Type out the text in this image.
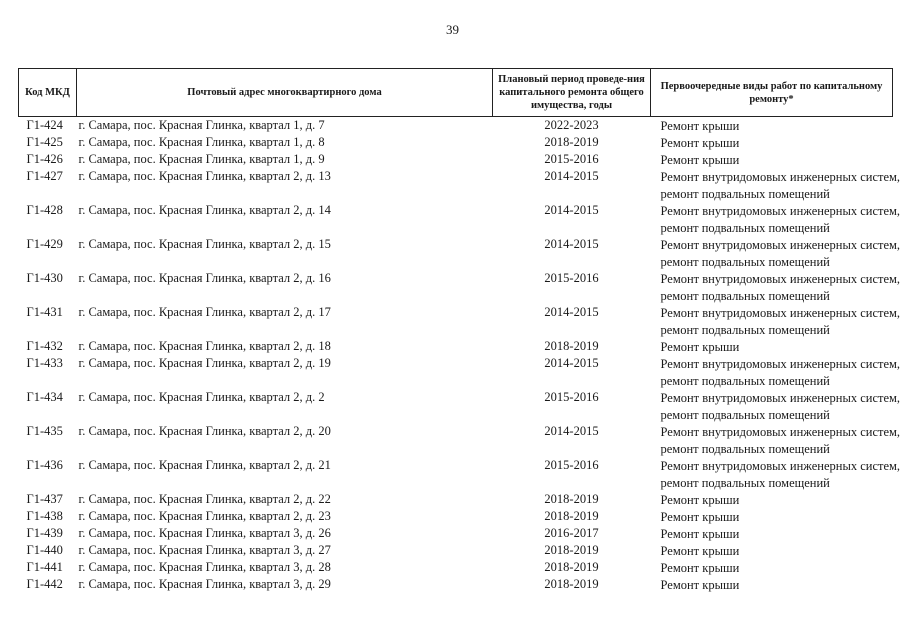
39
Код МКД	Почтовый адрес многоквартирного дома	Плановый период проведе-ния капитального ремонта общего имущества, годы	Первоочередные виды работ по капитальному ремонту*
Г1-424	г. Самара, пос. Красная Глинка, квартал 1, д. 7	2022-2023	Ремонт крыши

Г1-425	г. Самара, пос. Красная Глинка, квартал 1, д. 8	2018-2019	Ремонт крыши

Г1-426	г. Самара, пос. Красная Глинка, квартал 1, д. 9	2015-2016	Ремонт крыши

Г1-427	г. Самара, пос. Красная Глинка, квартал 2, д. 13	2014-2015	Ремонт внутридомовых инженерных систем,
ремонт подвальных помещений

Г1-428	г. Самара, пос. Красная Глинка, квартал 2, д. 14	2014-2015	Ремонт внутридомовых инженерных систем,
ремонт подвальных помещений

Г1-429	г. Самара, пос. Красная Глинка, квартал 2, д. 15	2014-2015	Ремонт внутридомовых инженерных систем,
ремонт подвальных помещений

Г1-430	г. Самара, пос. Красная Глинка, квартал 2, д. 16	2015-2016	Ремонт внутридомовых инженерных систем,
ремонт подвальных помещений

Г1-431	г. Самара, пос. Красная Глинка, квартал 2, д. 17	2014-2015	Ремонт внутридомовых инженерных систем,
ремонт подвальных помещений

Г1-432	г. Самара, пос. Красная Глинка, квартал 2, д. 18	2018-2019	Ремонт крыши

Г1-433	г. Самара, пос. Красная Глинка, квартал 2, д. 19	2014-2015	Ремонт внутридомовых инженерных систем,
ремонт подвальных помещений

Г1-434	г. Самара, пос. Красная Глинка, квартал 2, д. 2	2015-2016	Ремонт внутридомовых инженерных систем,
ремонт подвальных помещений

Г1-435	г. Самара, пос. Красная Глинка, квартал 2, д. 20	2014-2015	Ремонт внутридомовых инженерных систем,
ремонт подвальных помещений

Г1-436	г. Самара, пос. Красная Глинка, квартал 2, д. 21	2015-2016	Ремонт внутридомовых инженерных систем,
ремонт подвальных помещений

Г1-437	г. Самара, пос. Красная Глинка, квартал 2, д. 22	2018-2019	Ремонт крыши

Г1-438	г. Самара, пос. Красная Глинка, квартал 2, д. 23	2018-2019	Ремонт крыши

Г1-439	г. Самара, пос. Красная Глинка, квартал 3, д. 26	2016-2017	Ремонт крыши

Г1-440	г. Самара, пос. Красная Глинка, квартал 3, д. 27	2018-2019	Ремонт крыши

Г1-441	г. Самара, пос. Красная Глинка, квартал 3, д. 28	2018-2019	Ремонт крыши

Г1-442	г. Самара, пос. Красная Глинка, квартал 3, д. 29	2018-2019	Ремонт крыши
